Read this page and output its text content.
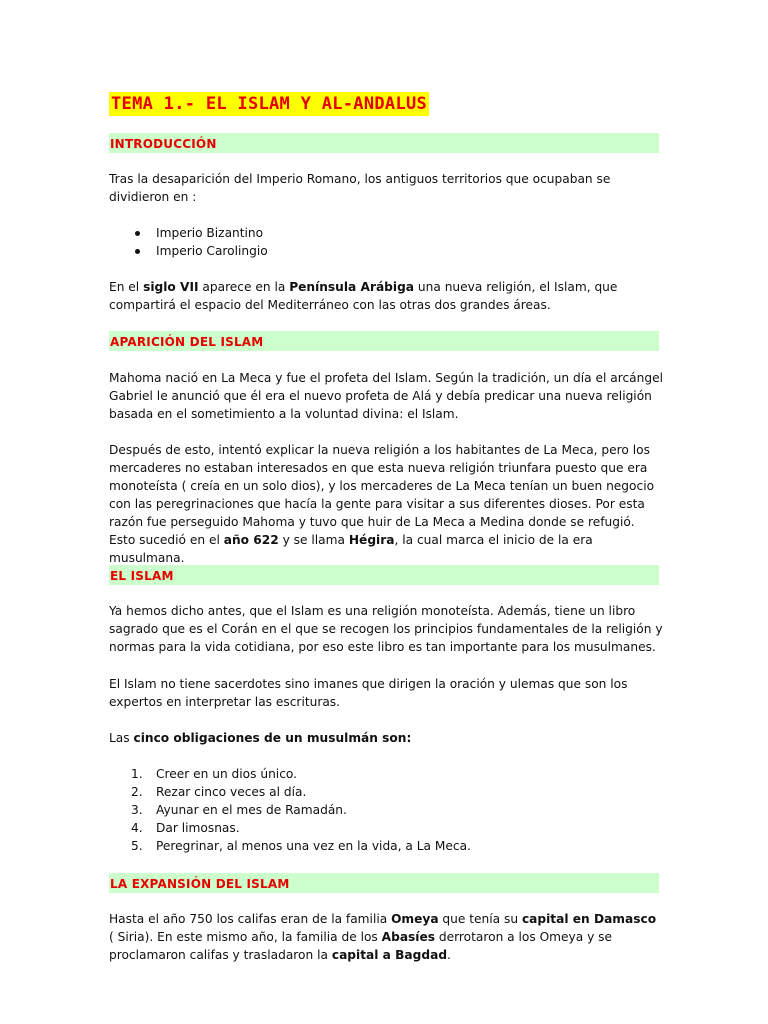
TEMA 1.- EL ISLAM Y AL-ANDALUS
INTRODUCCIÓN

Tras la desaparición del Imperio Romano, los antiguos territorios que ocupaban se dividieron en :

Imperio Bizantino
Imperio Carolingio

En el siglo VII aparece en la Península Arábiga una nueva religión, el Islam, que compartirá el espacio del Mediterráneo con las otras dos grandes áreas.

APARICIÓN DEL ISLAM

Mahoma nació en La Meca y fue el profeta del Islam. Según la tradición, un día el arcángel Gabriel le anunció que él era el nuevo profeta de Alá y debía predicar una nueva religión basada en el sometimiento a la voluntad divina: el Islam.

Después de esto, intentó explicar la nueva religión a los habitantes de La Meca, pero los mercaderes no estaban interesados en que esta nueva religión triunfara puesto que era monoteísta ( creía en un solo dios), y los mercaderes de La Meca tenían un buen negocio con las peregrinaciones que hacía la gente para visitar a sus diferentes dioses. Por esta razón fue perseguido Mahoma y tuvo que huir de La Meca a Medina donde se refugió. Esto sucedió en el año 622 y se llama Hégira, la cual marca el inicio de la era musulmana.

EL ISLAM

Ya hemos dicho antes, que el Islam es una religión monoteísta. Además, tiene un libro sagrado que es el Corán en el que se recogen los principios fundamentales de la religión y normas para la vida cotidiana, por eso este libro es tan importante para los musulmanes.

El Islam no tiene sacerdotes sino imanes que dirigen la oración y ulemas que son los expertos en interpretar las escrituras.

Las cinco obligaciones de un musulmán son:

1.	Creer en un dios único.
2.	Rezar cinco veces al día.
3.	Ayunar en el mes de Ramadán.
4.	Dar limosnas.
5.	Peregrinar, al menos una vez en la vida, a La Meca.
LA EXPANSIÓN DEL ISLAM

Hasta el año 750 los califas eran de la familia Omeya que tenía su capital en Damasco ( Siria). En este mismo año, la familia de los Abasíes derrotaron a los Omeya y se proclamaron califas y trasladaron la capital a Bagdad.
